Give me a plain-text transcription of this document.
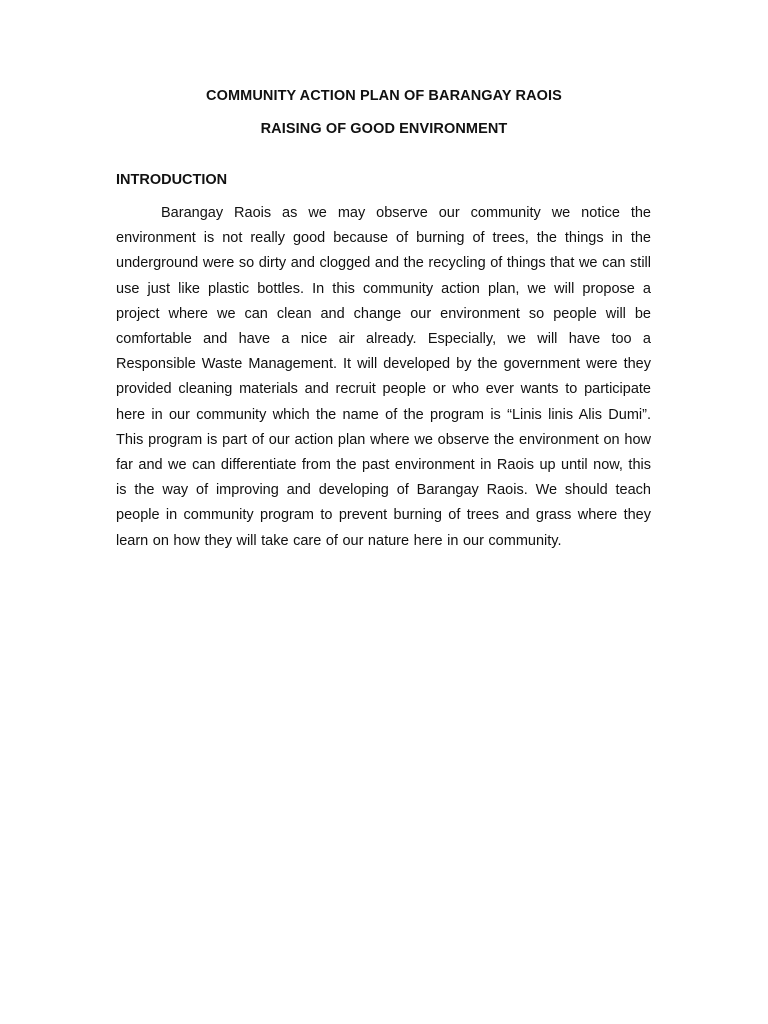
COMMUNITY ACTION PLAN OF BARANGAY RAOIS
RAISING OF GOOD ENVIRONMENT
INTRODUCTION

Barangay Raois as we may observe our community we notice the environment is not really good because of burning of trees, the things in the underground were so dirty and clogged and the recycling of things that we can still use just like plastic bottles. In this community action plan, we will propose a project where we can clean and change our environment so people will be comfortable and have a nice air already. Especially, we will have too a Responsible Waste Management. It will developed by the government were they provided cleaning materials and recruit people or who ever wants to participate here in our community which the name of the program is “Linis linis Alis Dumi”. This program is part of our action plan where we observe the environment on how far and we can differentiate from the past environment in Raois up until now, this is the way of improving and developing of Barangay Raois. We should teach people in community program to prevent burning of trees and grass where they learn on how they will take care of our nature here in our community.
